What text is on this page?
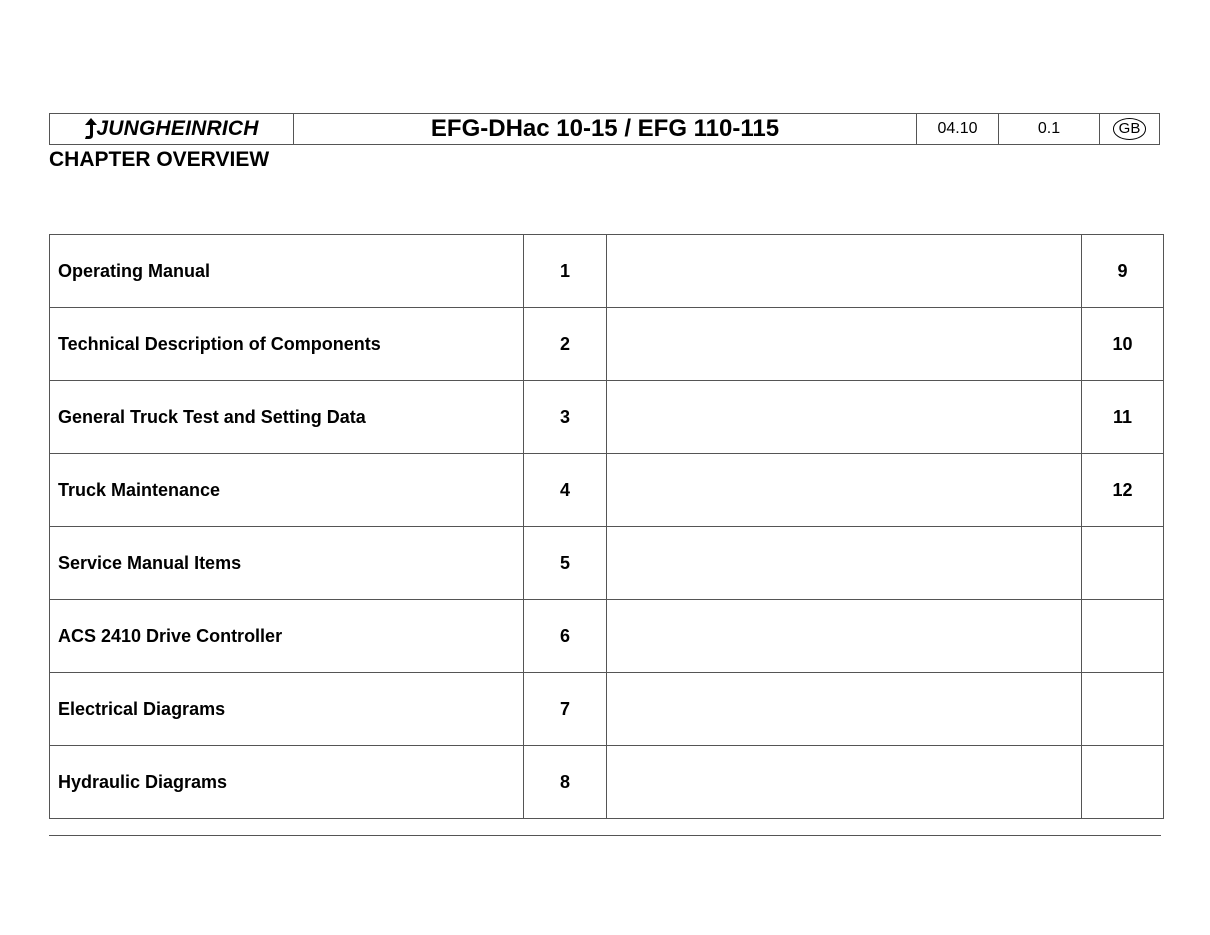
JUNGHEINRICH	EFG-DHac 10-15 / EFG 110-115	04.10	0.1	GB
CHAPTER OVERVIEW
Operating Manual	1		9
Technical Description of Components	2		10
General Truck Test and Setting Data	3		11
Truck Maintenance	4		12
Service Manual Items	5		
ACS 2410 Drive Controller	6		
Electrical Diagrams	7		
Hydraulic Diagrams	8		
